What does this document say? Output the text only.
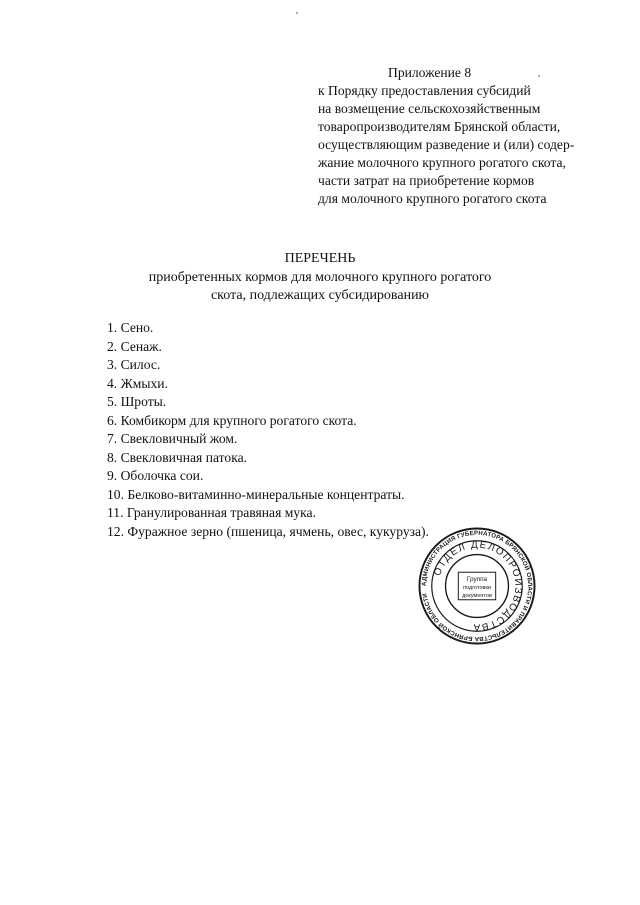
Приложение 8
к Порядку предоставления субсидий
на возмещение сельскохозяйственным
товаропроизводителям Брянской области,
осуществляющим разведение и (или) содер-
жание молочного крупного рогатого скота,
части затрат на приобретение кормов
для молочного крупного рогатого скота
ПЕРЕЧЕНЬ
приобретенных кормов для молочного крупного рогатого
скота, подлежащих субсидированию
1. Сено.
2. Сенаж.
3. Силос.
4. Жмыхи.
5. Шроты.
6. Комбикорм для крупного рогатого скота.
7. Свекловичный жом.
8. Свекловичная патока.
9. Оболочка сои.
10. Белково-витаминно-минеральные концентраты.
11. Гранулированная травяная мука.
12. Фуражное зерно (пшеница, ячмень, овес, кукуруза).
АДМИНИСТРАЦИЯ ГУБЕРНАТОРА БРЯНСКОЙ ОБЛАСТИ И ПРАВИТЕЛЬСТВА БРЯНСКОЙ ОБЛАСТИ
ОТДЕЛ ДЕЛОПРОИЗВОДСТВА
Группа
подготовки
документов
